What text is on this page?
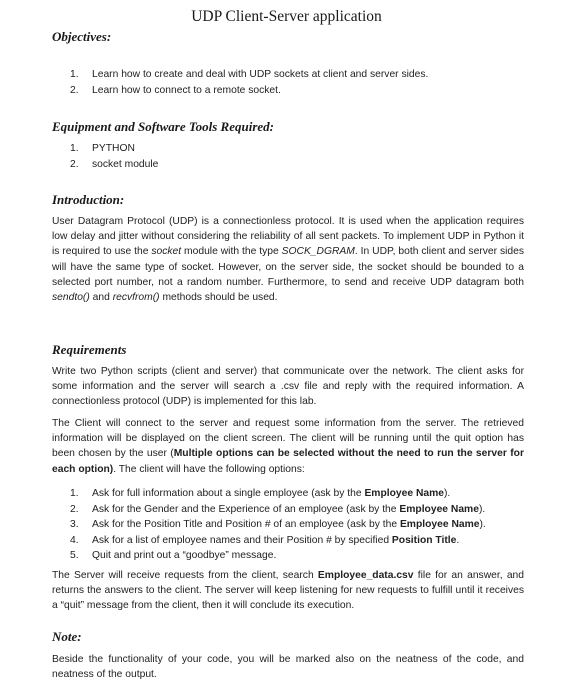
UDP Client-Server application
Objectives:
1.	Learn how to create and deal with UDP sockets at client and server sides.
2.	Learn how to connect to a remote socket.
Equipment and Software Tools Required:
1.	PYTHON
2.	socket module
Introduction:

User Datagram Protocol (UDP) is a connectionless protocol. It is used when the application requires low delay and jitter without considering the reliability of all sent packets. To implement UDP in Python it is required to use the socket module with the type SOCK_DGRAM. In UDP, both client and server sides will have the same type of socket. However, on the server side, the socket should be bounded to a selected port number, not a random number. Furthermore, to send and receive UDP datagram both sendto() and recvfrom() methods should be used.

Requirements

Write two Python scripts (client and server) that communicate over the network. The client asks for some information and the server will search a .csv file and reply with the required information. A connectionless protocol (UDP) is implemented for this lab.

The Client will connect to the server and request some information from the server. The retrieved information will be displayed on the client screen. The client will be running until the quit option has been chosen by the user (Multiple options can be selected without the need to run the server for each option). The client will have the following options:

1.	Ask for full information about a single employee (ask by the Employee Name).
2.	Ask for the Gender and the Experience of an employee (ask by the Employee Name).
3.	Ask for the Position Title and Position # of an employee (ask by the Employee Name).
4.	Ask for a list of employee names and their Position # by specified Position Title.
5.	Quit and print out a “goodbye” message.

The Server will receive requests from the client, search Employee_data.csv file for an answer, and returns the answers to the client. The server will keep listening for new requests to fulfill until it receives a “quit” message from the client, then it will conclude its execution.

Note:

Beside the functionality of your code, you will be marked also on the neatness of the code, and neatness of the output.
